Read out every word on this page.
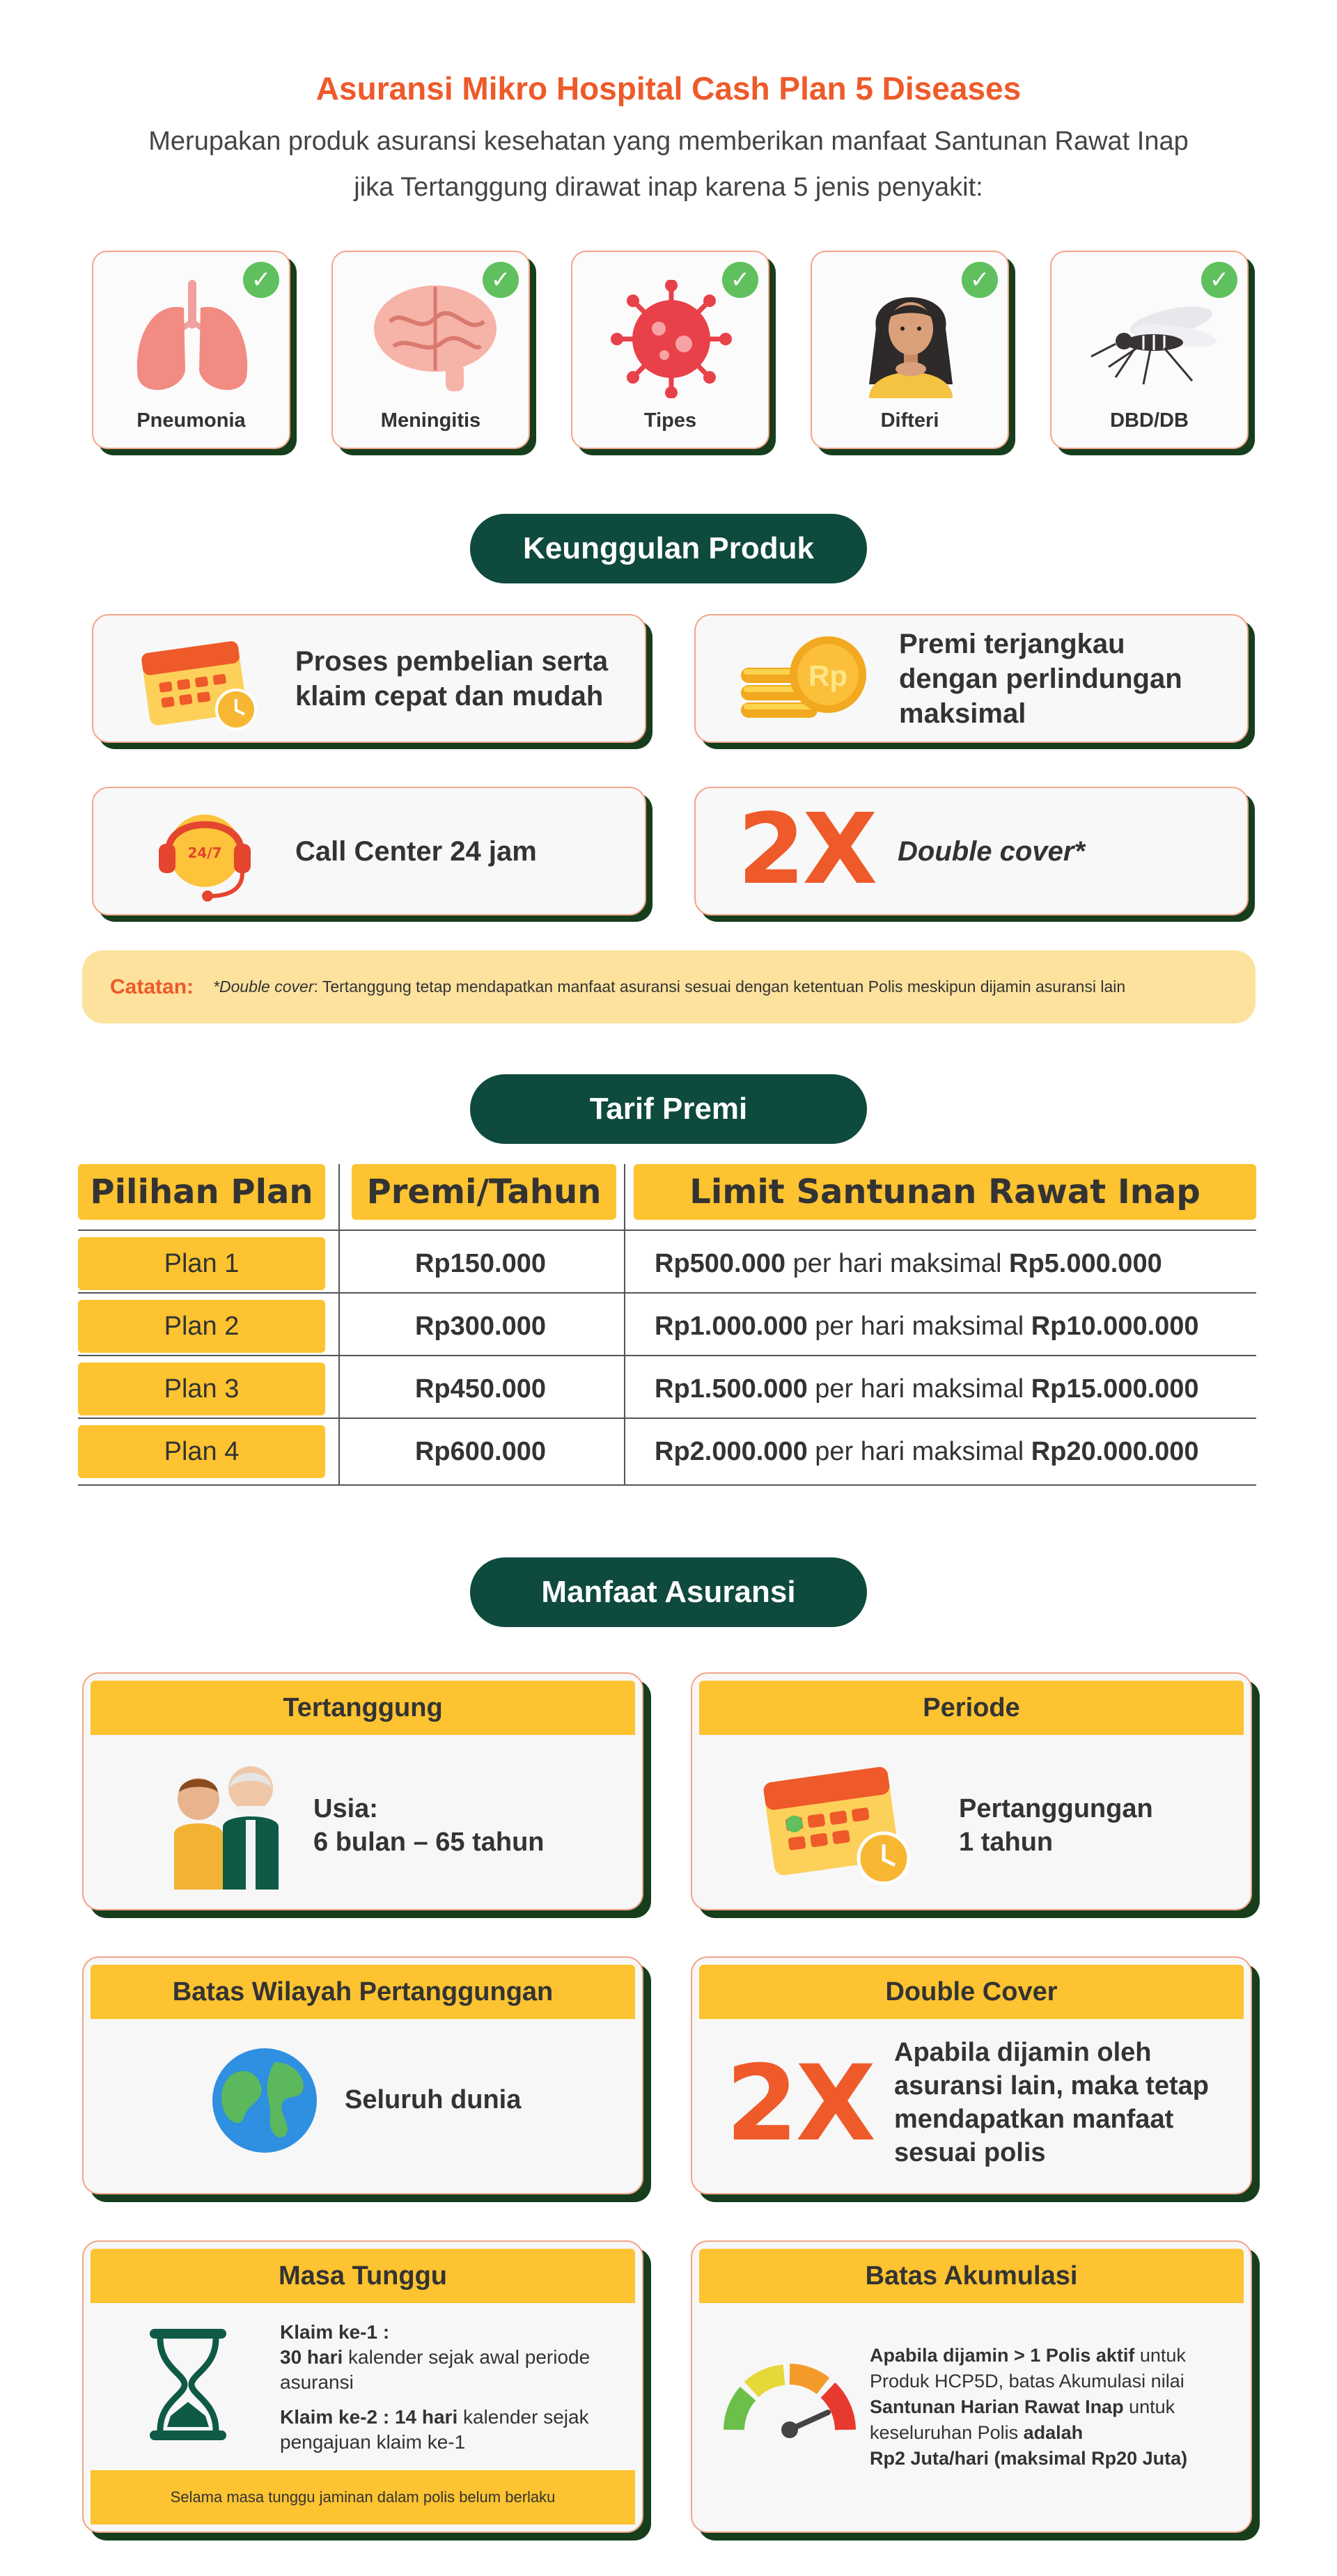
Asuransi Mikro Hospital Cash Plan 5 Diseases
Merupakan produk asuransi kesehatan yang memberikan manfaat Santunan Rawat Inap
jika Tertanggung dirawat inap karena 5 jenis penyakit:
✓
Pneumonia
✓
Meningitis
✓
Tipes
✓
Difteri
✓
DBD/DB
Keunggulan Produk
Proses pembelian serta
klaim cepat dan mudah
Rp
Premi terjangkau
dengan perlindungan
maksimal
24/7	Call Center 24 jam 2X Double cover*
Catatan: *Double cover: Tertanggung tetap mendapatkan manfaat asuransi sesuai dengan ketentuan Polis meskipun dijamin asuransi lain
Tarif Premi
Pilihan Plan	Premi/Tahun	Limit Santunan Rawat Inap
Plan 1	Rp150.000	Rp500.000 per hari maksimal Rp5.000.000
Plan 2	Rp300.000	Rp1.000.000 per hari maksimal Rp10.000.000
Plan 3	Rp450.000	Rp1.500.000 per hari maksimal Rp15.000.000
Plan 4	Rp600.000	Rp2.000.000 per hari maksimal Rp20.000.000
Manfaat Asuransi
Tertanggung
Usia:
6 bulan – 65 tahun
Periode
Pertanggungan
1 tahun
Batas Wilayah Pertanggungan
Seluruh dunia
Double Cover
2X Apabila dijamin oleh
asuransi lain, maka tetap
mendapatkan manfaat
sesuai polis
Masa Tunggu
Klaim ke-1 :
30 hari kalender sejak awal periode
asuransi
Klaim ke-2 : 14 hari kalender sejak
pengajuan klaim ke-1
Selama masa tunggu jaminan dalam polis belum berlaku
Batas Akumulasi
Apabila dijamin > 1 Polis aktif untuk
Produk HCP5D, batas Akumulasi nilai
Santunan Harian Rawat Inap untuk
keseluruhan Polis adalah
Rp2 Juta/hari (maksimal Rp20 Juta)
